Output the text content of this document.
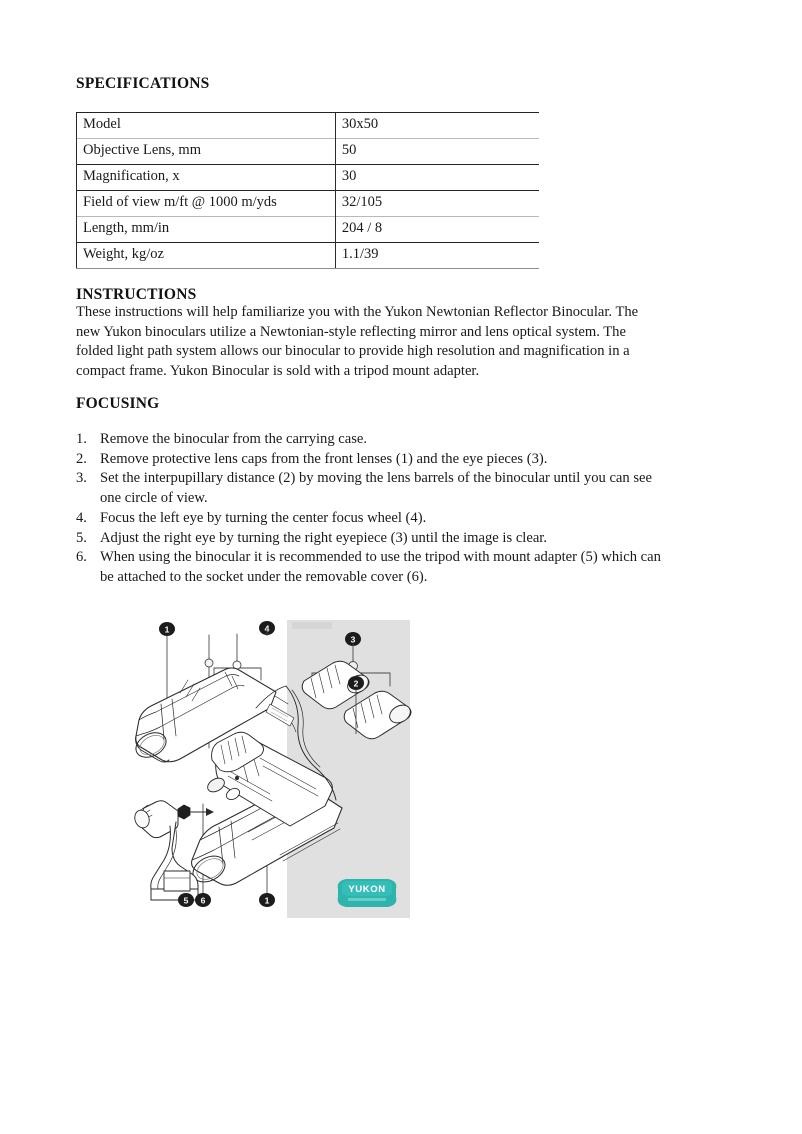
SPECIFICATIONS
Model	30x50
Objective Lens, mm	50
Magnification, x	30
Field of view m/ft @ 1000 m/yds	32/105
Length, mm/in	204 / 8
Weight, kg/oz	1.1/39
INSTRUCTIONS
These instructions will help familiarize you with the Yukon Newtonian Reflector Binocular. The new Yukon binoculars utilize a Newtonian-style reflecting mirror and lens optical system. The folded light path system allows our binocular to provide high resolution and magnification in a compact frame. Yukon Binocular is sold with a tripod mount adapter.
FOCUSING
1. Remove the binocular from the carrying case.
2. Remove protective lens caps from the front lenses (1) and the eye pieces (3).
3. Set the interpupillary distance (2) by moving the lens barrels of the binocular until you can see one circle of view.
4. Focus the left eye by turning the center focus wheel (4).
5. Adjust the right eye by turning the right eyepiece (3) until the image is clear.
6. When using the binocular it is recommended to use the tripod with mount adapter (5) which can be attached to the socket under the removable cover (6).
1	4
3
2
5 6	1
YUKON
